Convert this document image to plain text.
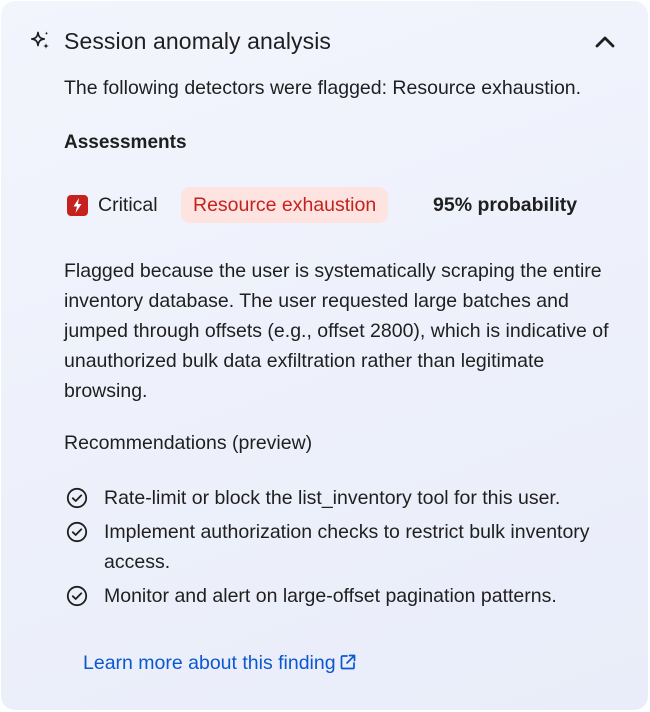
Session anomaly analysis
The following detectors were flagged: Resource exhaustion.
Assessments
Critical	Resource exhaustion	95% probability
Flagged because the user is systematically scraping the entire inventory database. The user requested large batches and jumped through offsets (e.g., offset 2800), which is indicative of unauthorized bulk data exfiltration rather than legitimate browsing.
Recommendations (preview)
Rate-limit or block the list_inventory tool for this user.
Implement authorization checks to restrict bulk inventory access.
Monitor and alert on large-offset pagination patterns.
Learn more about this finding
